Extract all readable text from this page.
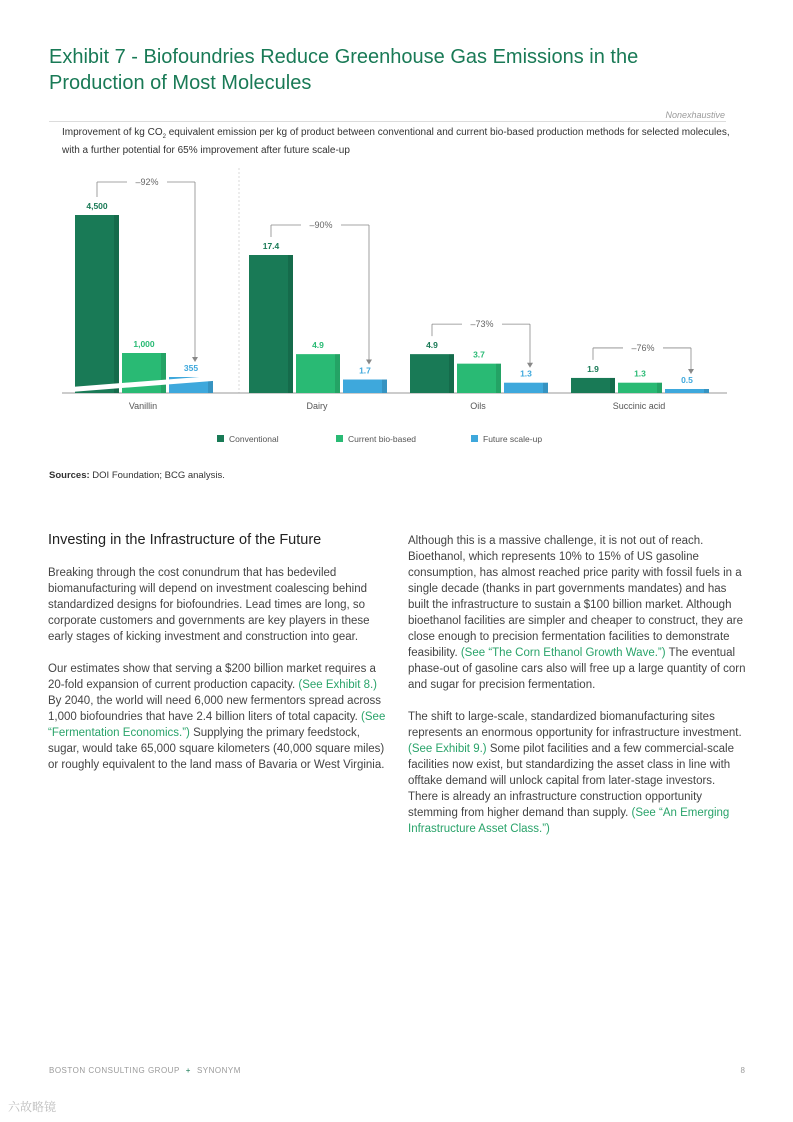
Exhibit 7 - Biofoundries Reduce Greenhouse Gas Emissions in the
Production of Most Molecules
Nonexhaustive
Improvement of kg $CO_2$ equivalent emission per kg of product between conventional and current bio-based production methods for selected molecules, with a further potential for 65% improvement after future scale-up
4,500
1,000
355
–92%
Vanillin
17.4
4.9
1.7
–90%
Dairy
4.9
3.7
1.3
–73%
Oils
1.9	1.3
0.5
–76%
Succinic acid
Conventional	Current bio-based	Future scale-up
Sources: DOI Foundation; BCG analysis.
Investing in the Infrastructure of the Future

Breaking through the cost conundrum that has bedeviled biomanufacturing will depend on investment coalescing behind standardized designs for biofoundries. Lead times are long, so corporate customers and governments are key players in these early stages of kicking investment and construction into gear.

Our estimates show that serving a $200 billion market requires a 20-fold expansion of current production capacity. (See Exhibit 8.) By 2040, the world will need 6,000 new fermentors spread across 1,000 biofoundries that have 2.4 billion liters of total capacity. (See “Fermentation Economics.”) Supplying the primary feedstock, sugar, would take 65,000 square kilometers (40,000 square miles) or roughly equivalent to the land mass of Bavaria or West Virginia.

Although this is a massive challenge, it is not out of reach. Bioethanol, which represents 10% to 15% of US gasoline consumption, has almost reached price parity with fossil fuels in a single decade (thanks in part governments mandates) and has built the infrastructure to sustain a $100 billion market. Although bioethanol facilities are simpler and cheaper to construct, they are close enough to precision fermentation facilities to demonstrate feasibility. (See “The Corn Ethanol Growth Wave.”) The eventual phase-out of gasoline cars also will free up a large quantity of corn and sugar for precision fermentation.

The shift to large-scale, standardized biomanufacturing sites represents an enormous opportunity for infrastructure investment. (See Exhibit 9.) Some pilot facilities and a few commercial-scale facilities now exist, but standardizing the asset class in line with offtake demand will unlock capital from later-stage investors. There is already an infrastructure construction opportunity stemming from higher demand than supply. (See “An Emerging Infrastructure Asset Class.”)

BOSTON CONSULTING GROUP + SYNONYM	8
六故略镜
